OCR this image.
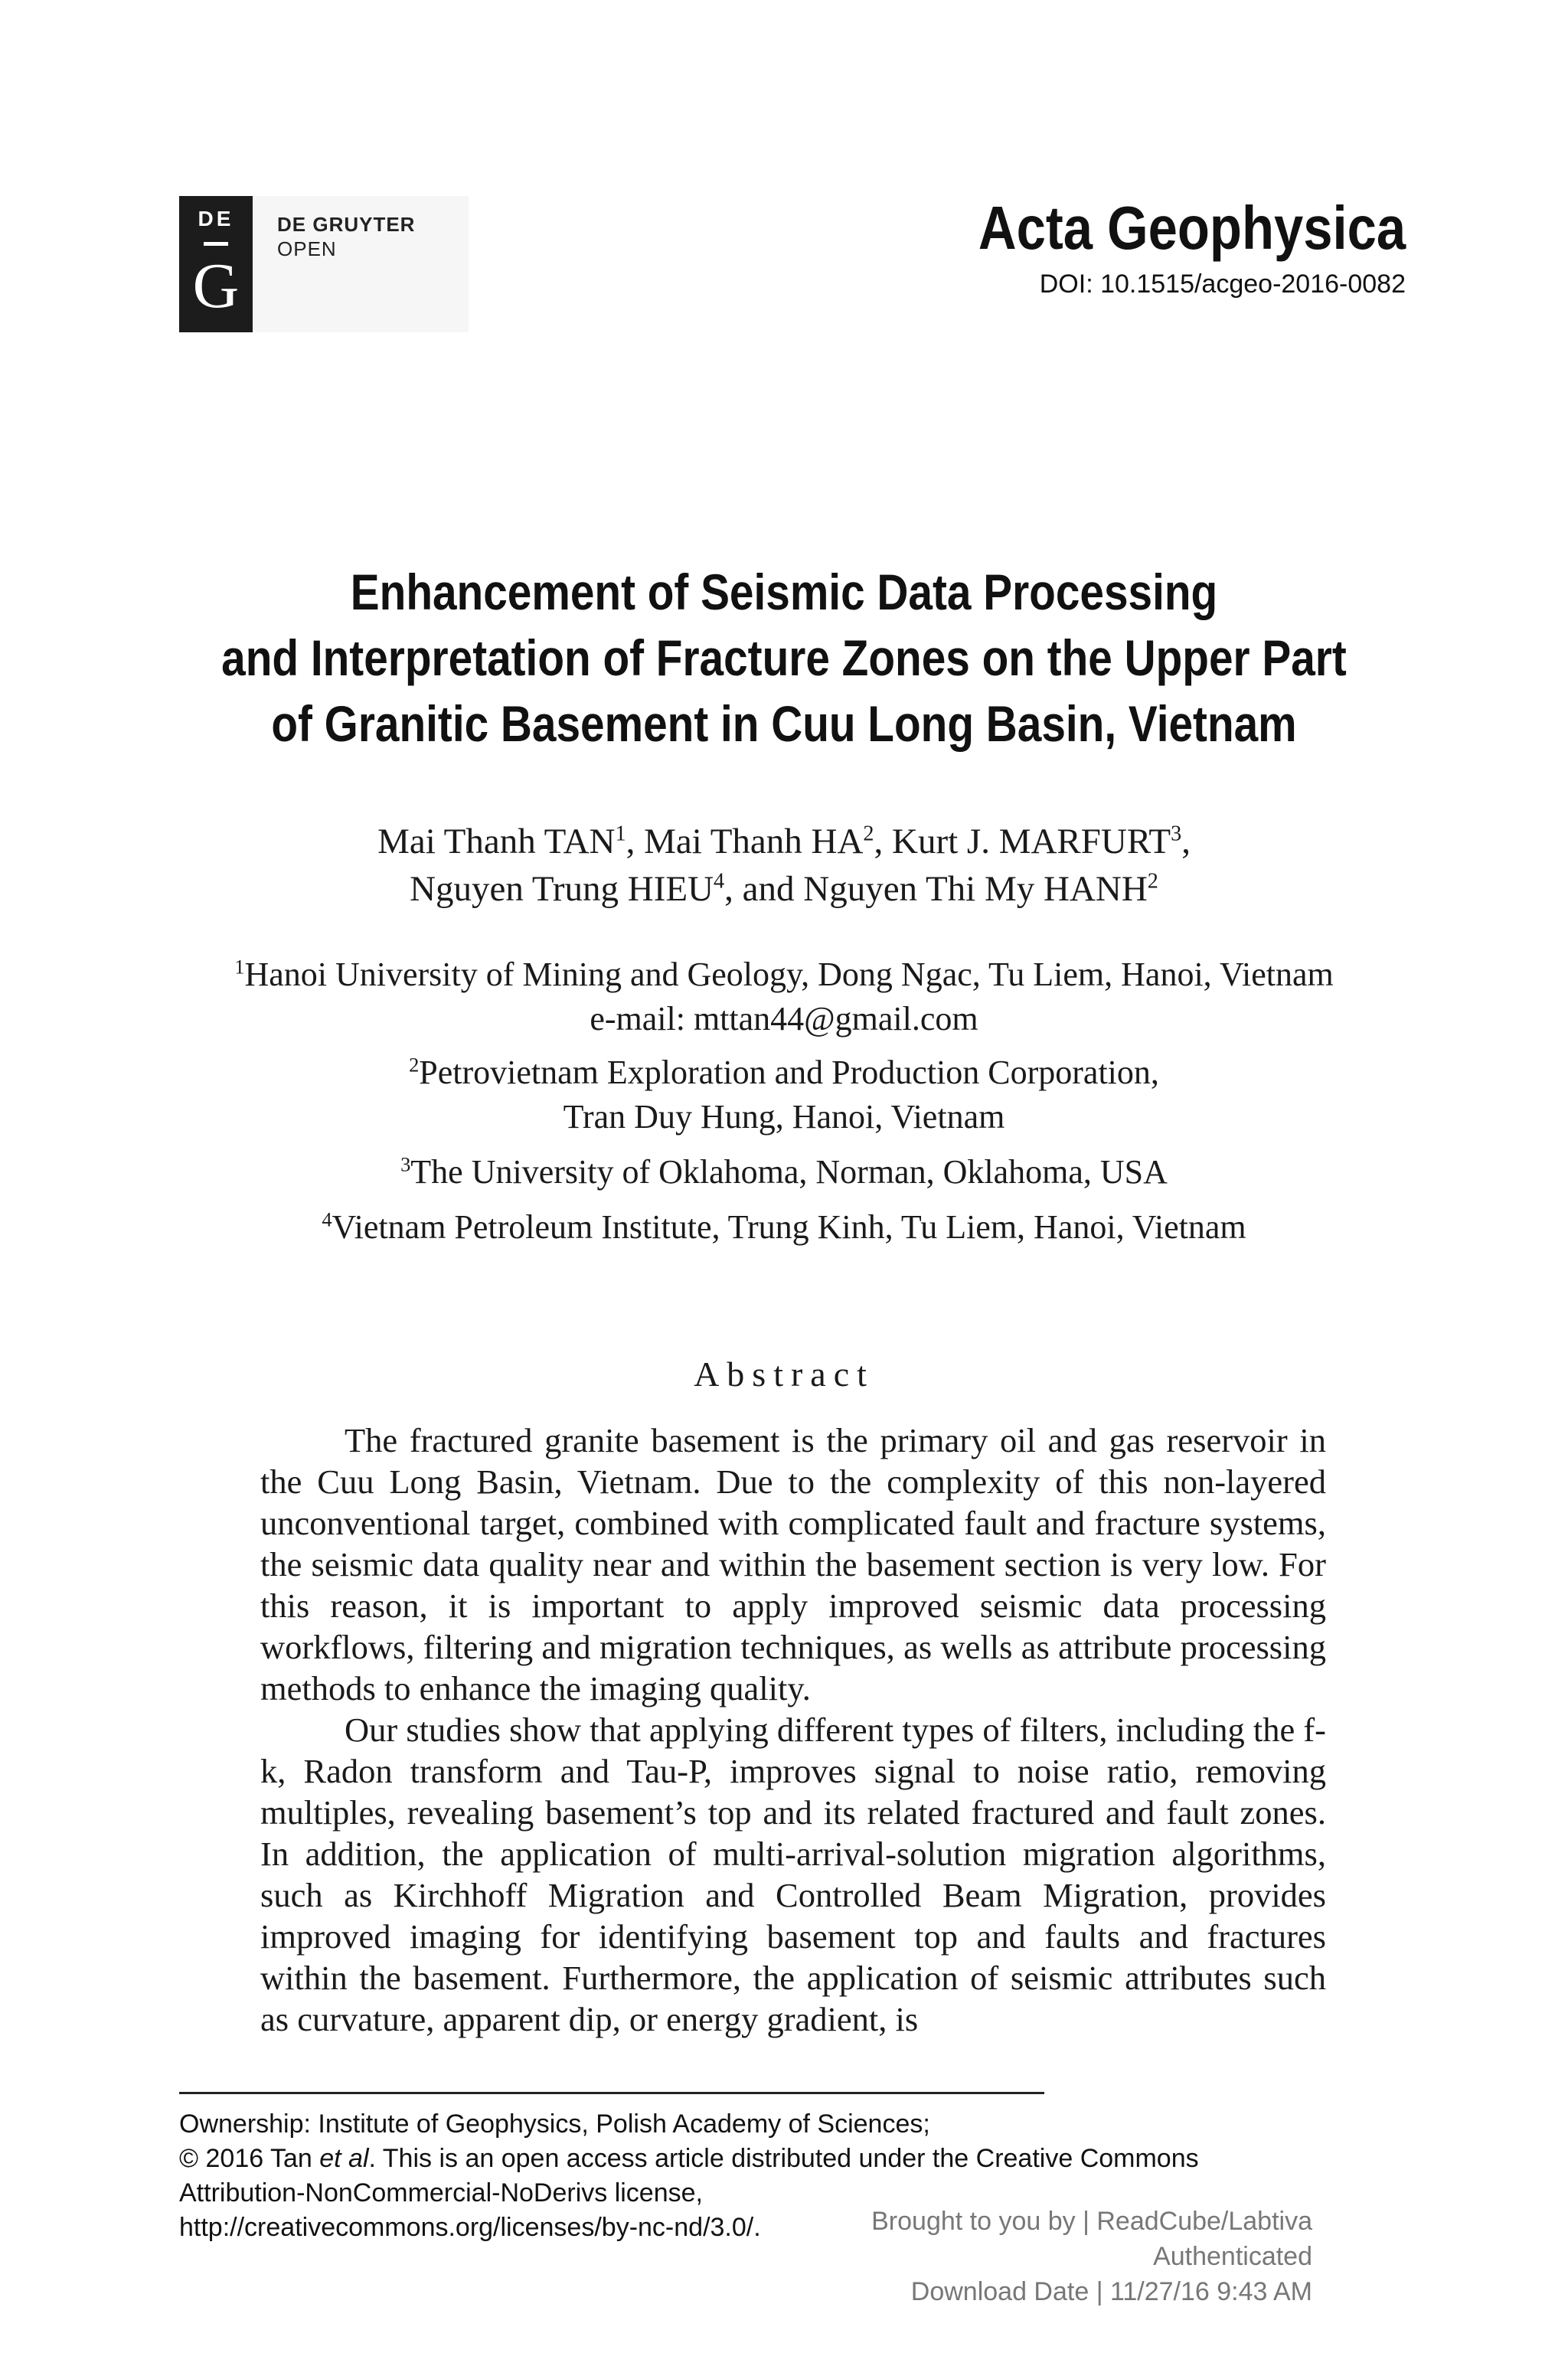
DE
G
DE GRUYTER
OPEN	Acta Geophysica
DOI: 10.1515/acgeo-2016-0082
Enhancement of Seismic Data Processing
and Interpretation of Fracture Zones on the Upper Part
of Granitic Basement in Cuu Long Basin, Vietnam
Mai Thanh TAN$^1$, Mai Thanh $HA^2$, Kurt J. MARFURT$^3$,
Nguyen Trung HIEU$^4$, and Nguyen Thi My HANH$^2$
$^1$Hanoi University of Mining and Geology, Dong Ngac, Tu Liem, Hanoi, Vietnam
e-mail: mttan44@gmail.com
$^2$Petrovietnam Exploration and Production Corporation,
Tran Duy Hung, Hanoi, Vietnam
$^3$The University of Oklahoma, Norman, Oklahoma, USA
$^4$Vietnam Petroleum Institute, Trung Kinh, Tu Liem, Hanoi, Vietnam
Abstract

The fractured granite basement is the primary oil and gas reservoir in the Cuu Long Basin, Vietnam. Due to the complexity of this non-layered unconventional target, combined with complicated fault and fracture systems, the seismic data quality near and within the basement section is very low. For this reason, it is important to apply improved seismic data processing workflows, filtering and migration techniques, as wells as attribute processing methods to enhance the imaging quality.

Our studies show that applying different types of filters, including the f-k, Radon transform and Tau-P, improves signal to noise ratio, removing multiples, revealing basement’s top and its related fractured and fault zones. In addition, the application of multi-arrival-solution migration algorithms, such as Kirchhoff Migration and Controlled Beam Migration, provides improved imaging for identifying basement top and faults and fractures within the basement. Furthermore, the application of seismic attributes such as curvature, apparent dip, or energy gradient, is

Ownership: Institute of Geophysics, Polish Academy of Sciences;
© 2016 Tan et al. This is an open access article distributed under the Creative Commons
Attribution-NonCommercial-NoDerivs license,
http://creativecommons.org/licenses/by-nc-nd/3.0/.	Brought to you by | ReadCube/Labtiva
Authenticated
Download Date | 11/27/16 9:43 AM
